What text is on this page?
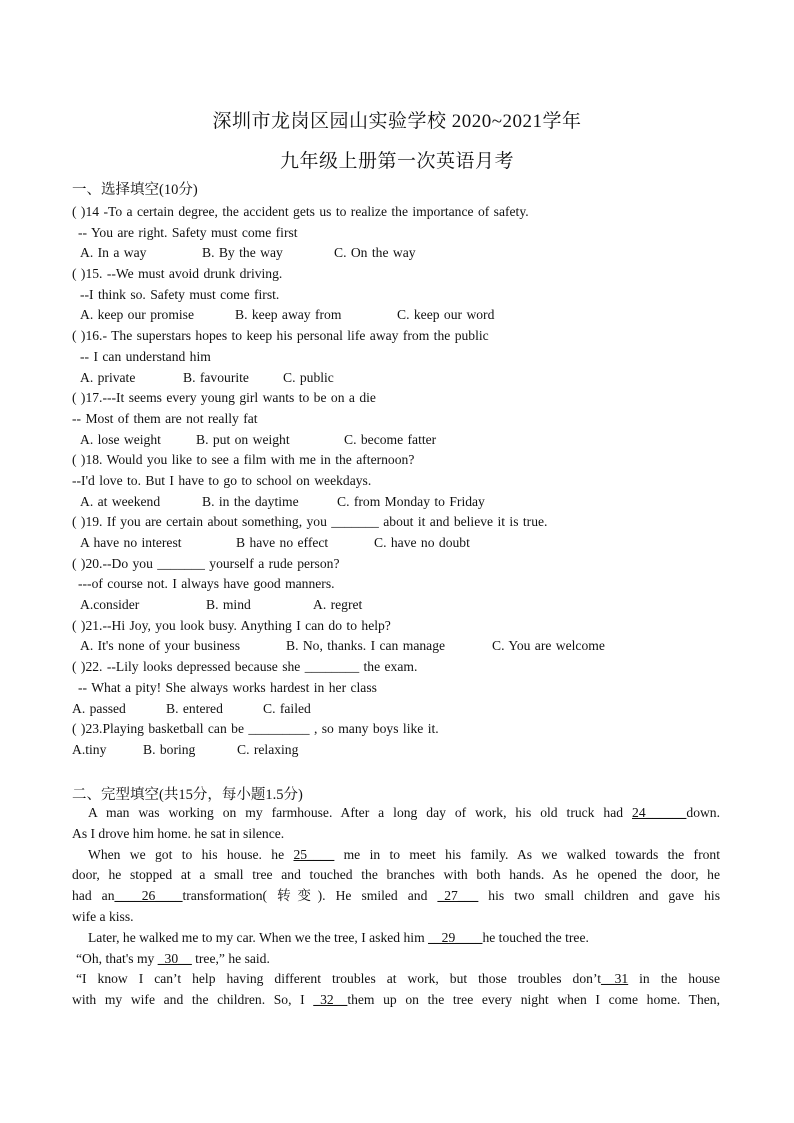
深圳市龙岗区园山实验学校 2020~2021学年
九年级上册第一次英语月考
一、选择填空(10分)
( )14 -To a certain degree, the accident gets us to realize the importance of safety.
-- You are right. Safety must come first
A. In a way	B. By the way	C. On the way
( )15. --We must avoid drunk driving.
--I think so. Safety must come first.
A. keep our promise	B. keep away from	C. keep our word
( )16.- The superstars hopes to keep his personal life away from the public
-- I can understand him
A. private	B. favourite	C. public
( )17.---It seems every young girl wants to be on a die
-- Most of them are not really fat
A. lose weight	B. put on weight	C. become fatter
( )18. Would you like to see a film with me in the afternoon?
--I'd love to. But I have to go to school on weekdays.
A. at weekend	B. in the daytime	C. from Monday to Friday
( )19. If you are certain about something, you _______ about it and believe it is true.
A have no interest	B have no effect	C. have no doubt
( )20.--Do you _______ yourself a rude person?
---of course not. I always have good manners.
A.consider	B. mind	A. regret
( )21.--Hi Joy, you look busy. Anything I can do to help?
A. It's none of your business	B. No, thanks. I can manage	C. You are welcome
( )22. --Lily looks depressed because she ________ the exam.
-- What a pity! She always works hardest in her class
A. passed	B. entered	C. failed
( )23.Playing basketball can be _________ , so many boys like it.
A.tiny	B. boring	C. relaxing
二、完型填空(共15分，每小题1.5分)
A man was working on my farmhouse. After a long day of work, his old truck had 24______down.
As I drove him home. he sat in silence.
When we got to his house. he 25____ me in to meet his family. As we walked towards the front
door, he stopped at a small tree and touched the branches with both hands. As he opened the door, he
had an____26____transformation( 转变). He smiled and _27___ his two small children and gave his
wife a kiss.
Later, he walked me to my car. When we the tree, I asked him __29____he touched the tree.
“Oh, that's my _30__ tree,” he said.
“I know I can’t help having different troubles at work, but those troubles don’t__31 in the house
with my wife and the children. So, I _32__them up on the tree every night when I come home. Then,
